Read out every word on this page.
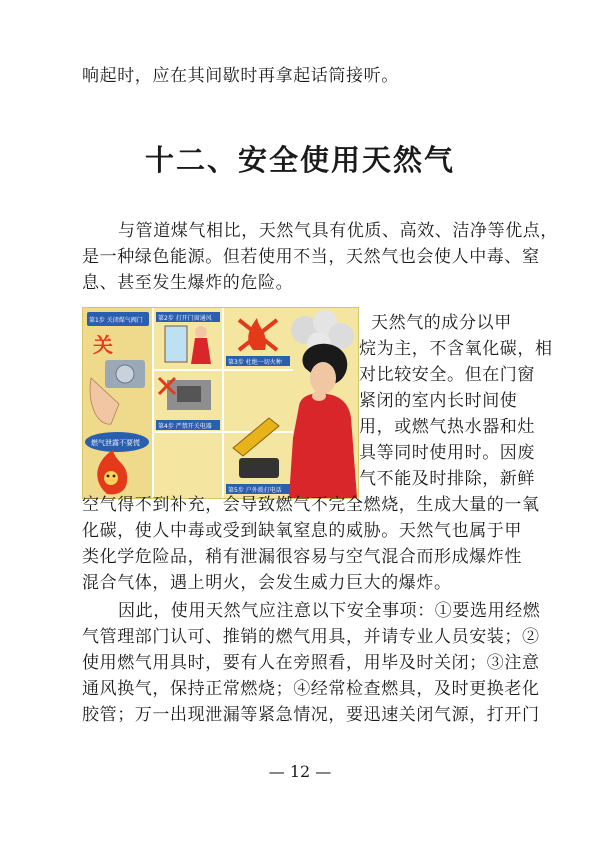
响起时，应在其间歇时再拿起话筒接听。
十二、安全使用天然气
与管道煤气相比，天然气具有优质、高效、洁净等优点，
是一种绿色能源。但若使用不当，天然气也会使人中毒、窒
息、甚至发生爆炸的危险。
第1步 关闭煤气阀门
关
第2步 打开门窗通风
第3步 杜绝一切火种
第4步 严禁开关电器
第5步 户外拨打电话
燃气泄露不要慌
天然气的成分以甲
烷为主，不含氧化碳，相
对比较安全。但在门窗
紧闭的室内长时间使
用，或燃气热水器和灶
具等同时使用时。因废
气不能及时排除，新鲜
空气得不到补充，会导致燃气不完全燃烧，生成大量的一氧
化碳，使人中毒或受到缺氧窒息的威胁。天然气也属于甲
类化学危险品，稍有泄漏很容易与空气混合而形成爆炸性
混合气体，遇上明火，会发生威力巨大的爆炸。
因此，使用天然气应注意以下安全事项：①要选用经燃
气管理部门认可、推销的燃气用具，并请专业人员安装；②
使用燃气用具时，要有人在旁照看，用毕及时关闭；③注意
通风换气，保持正常燃烧；④经常检查燃具，及时更换老化
胶管；万一出现泄漏等紧急情况，要迅速关闭气源，打开门
— 12 —
